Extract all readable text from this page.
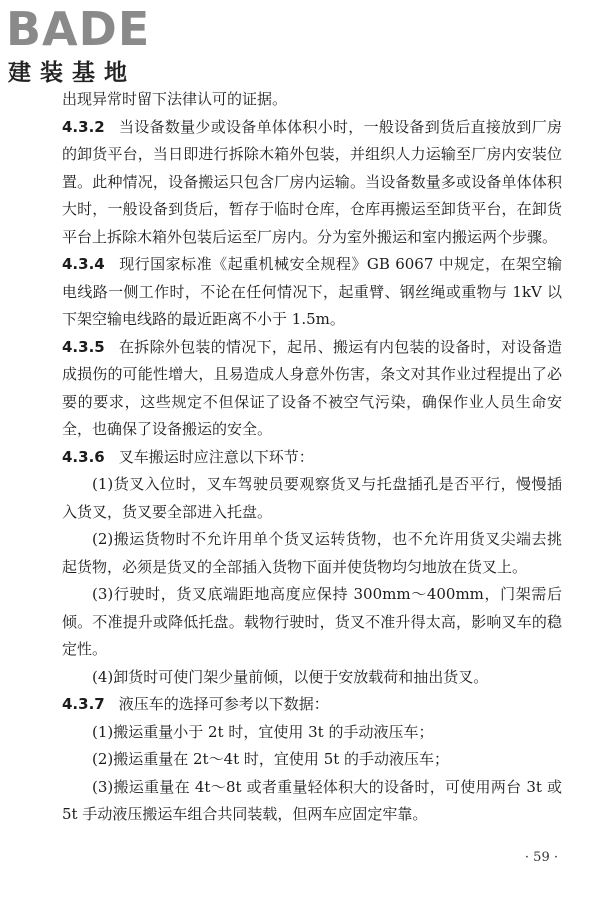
BADE
建装基地

出现异常时留下法律认可的证据。

4.3.2 当设备数量少或设备单体体积小时，一般设备到货后直接放到厂房的卸货平台，当日即进行拆除木箱外包装，并组织人力运输至厂房内安装位置。此种情况，设备搬运只包含厂房内运输。当设备数量多或设备单体体积大时，一般设备到货后，暂存于临时仓库，仓库再搬运至卸货平台，在卸货平台上拆除木箱外包装后运至厂房内。分为室外搬运和室内搬运两个步骤。

4.3.4 现行国家标准《起重机械安全规程》GB 6067 中规定，在架空输电线路一侧工作时，不论在任何情况下，起重臂、钢丝绳或重物与 1kV 以下架空输电线路的最近距离不小于 1.5m。

4.3.5 在拆除外包装的情况下，起吊、搬运有内包装的设备时，对设备造成损伤的可能性增大，且易造成人身意外伤害，条文对其作业过程提出了必要的要求，这些规定不但保证了设备不被空气污染，确保作业人员生命安全，也确保了设备搬运的安全。

4.3.6 叉车搬运时应注意以下环节：

(1)货叉入位时，叉车驾驶员要观察货叉与托盘插孔是否平行，慢慢插入货叉，货叉要全部进入托盘。

(2)搬运货物时不允许用单个货叉运转货物，也不允许用货叉尖端去挑起货物，必须是货叉的全部插入货物下面并使货物均匀地放在货叉上。

(3)行驶时，货叉底端距地高度应保持 300mm～400mm，门架需后倾。不准提升或降低托盘。载物行驶时，货叉不准升得太高，影响叉车的稳定性。

(4)卸货时可使门架少量前倾，以便于安放载荷和抽出货叉。

4.3.7 液压车的选择可参考以下数据：

(1)搬运重量小于 2t 时，宜使用 3t 的手动液压车；

(2)搬运重量在 2t～4t 时，宜使用 5t 的手动液压车；

(3)搬运重量在 4t～8t 或者重量轻体积大的设备时，可使用两台 3t 或 5t 手动液压搬运车组合共同装载，但两车应固定牢靠。

· 59 ·
